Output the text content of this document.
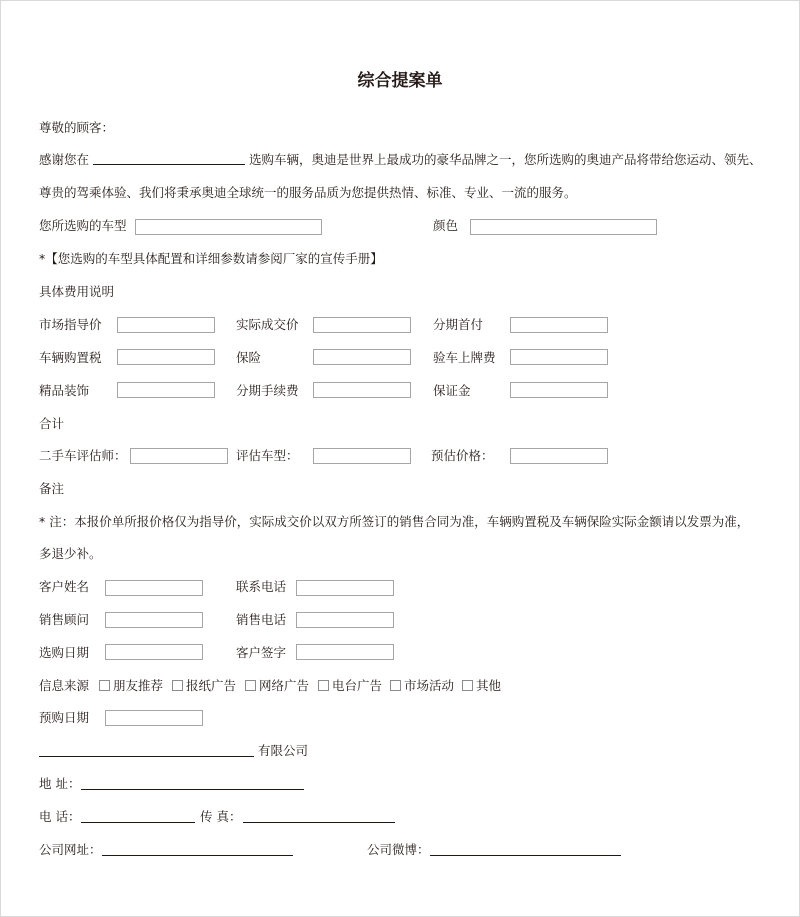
综合提案单
尊敬的顾客：
感谢您在	选购车辆，奥迪是世界上最成功的豪华品牌之一，您所选购的奥迪产品将带给您运动、领先、
尊贵的驾乘体验、我们将秉承奥迪全球统一的服务品质为您提供热情、标准、专业、一流的服务。
您所选购的车型	颜色
*【您选购的车型具体配置和详细参数请参阅厂家的宣传手册】
具体费用说明
市场指导价	实际成交价	分期首付
车辆购置税	保险	验车上牌费
精品装饰	分期手续费	保证金
合计
二手车评估师：	评估车型：	预估价格：
备注
* 注：本报价单所报价格仅为指导价，实际成交价以双方所签订的销售合同为准，车辆购置税及车辆保险实际金额请以发票为准，
多退少补。
客户姓名	联系电话
销售顾问	销售电话
选购日期	客户签字
信息来源 朋友推荐 报纸广告 网络广告 电台广告 市场活动 其他
预购日期
有限公司
地 址：
电 话：	传 真：
公司网址：	公司微博：
